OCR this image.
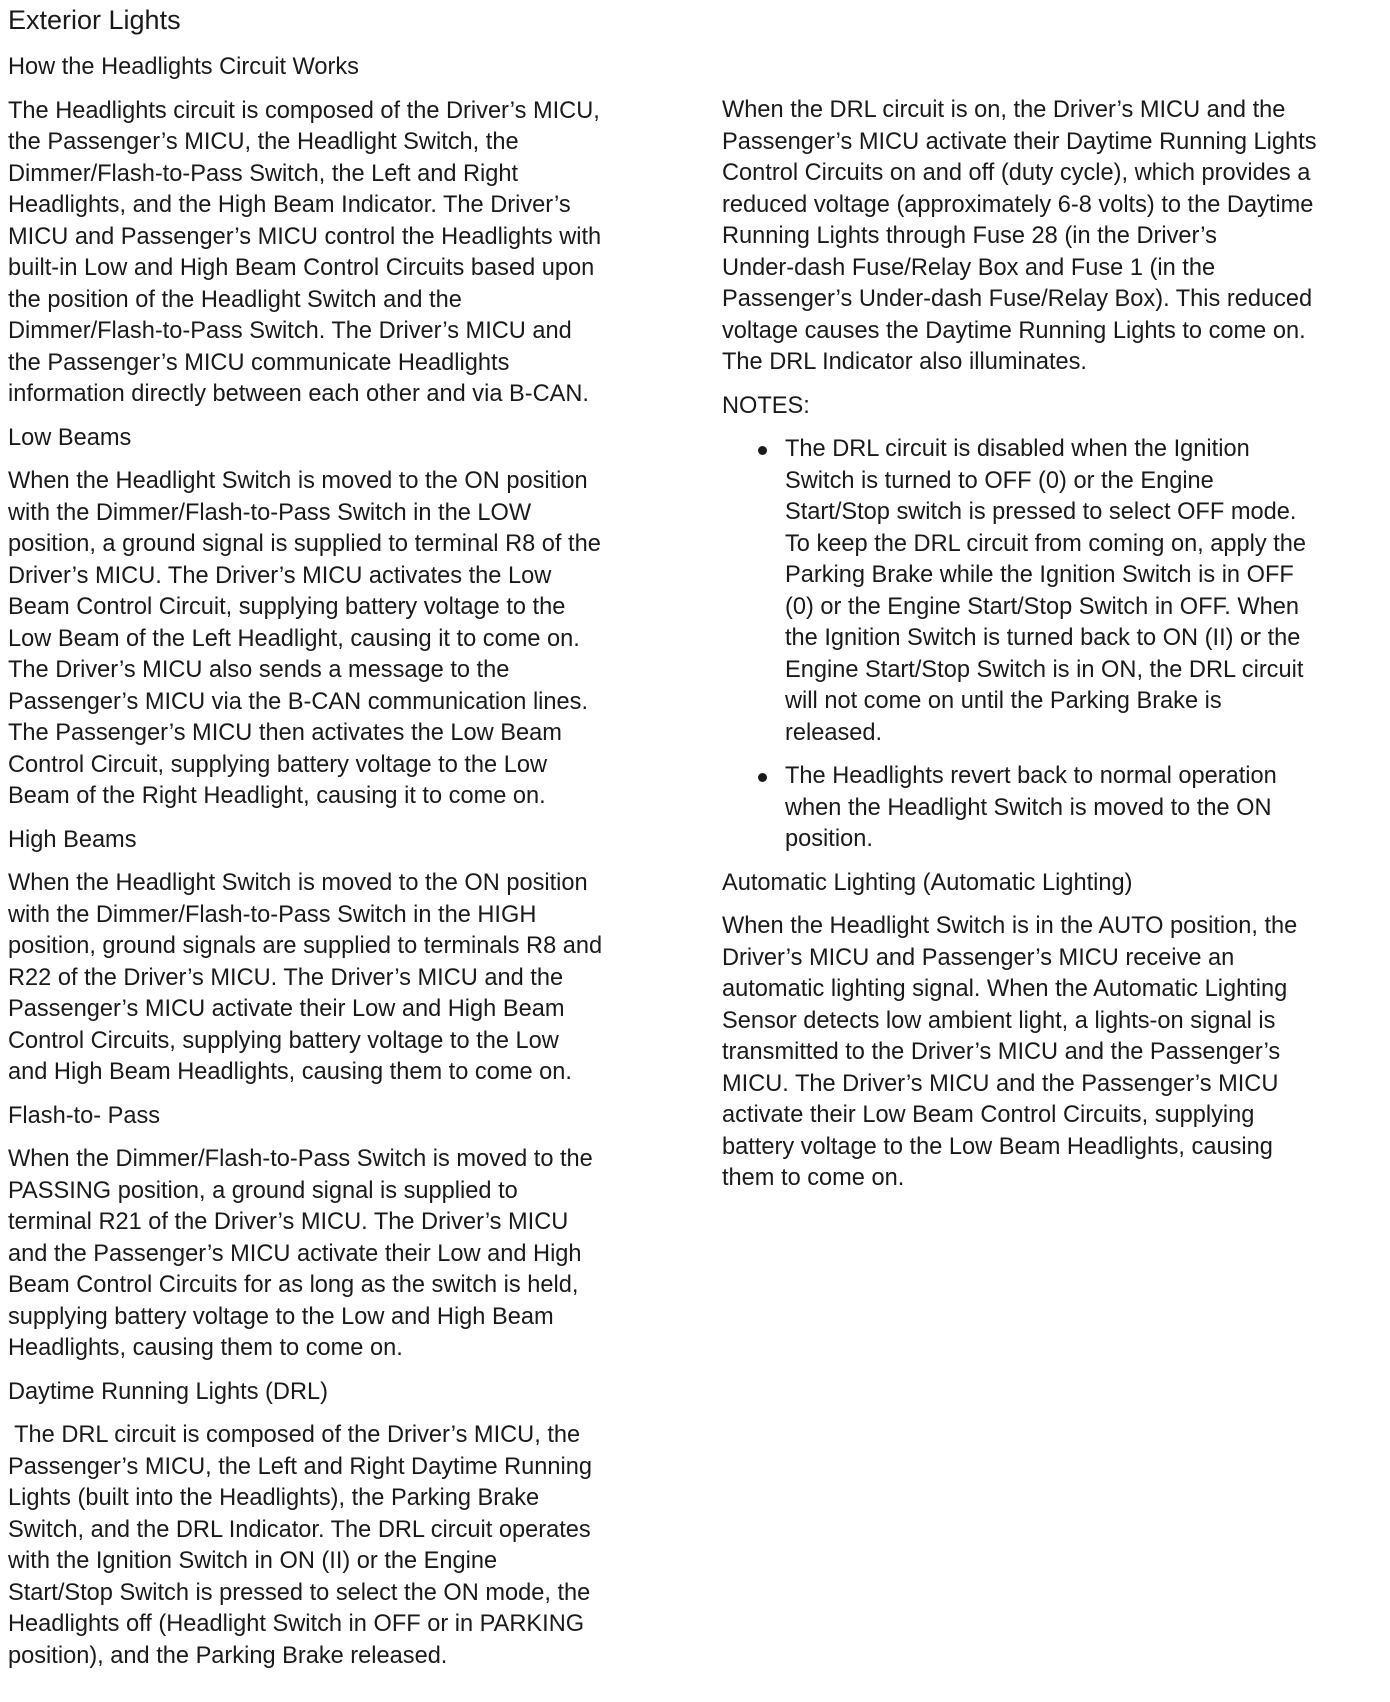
Exterior Lights
How the Headlights Circuit Works
The Headlights circuit is composed of the Driver’s MICU,
the Passenger’s MICU, the Headlight Switch, the
Dimmer/Flash-to-Pass Switch, the Left and Right
Headlights, and the High Beam Indicator. The Driver’s
MICU and Passenger’s MICU control the Headlights with
built-in Low and High Beam Control Circuits based upon
the position of the Headlight Switch and the
Dimmer/Flash-to-Pass Switch. The Driver’s MICU and
the Passenger’s MICU communicate Headlights
information directly between each other and via B-CAN.
Low Beams
When the Headlight Switch is moved to the ON position
with the Dimmer/Flash-to-Pass Switch in the LOW
position, a ground signal is supplied to terminal R8 of the
Driver’s MICU. The Driver’s MICU activates the Low
Beam Control Circuit, supplying battery voltage to the
Low Beam of the Left Headlight, causing it to come on.
The Driver’s MICU also sends a message to the
Passenger’s MICU via the B-CAN communication lines.
The Passenger’s MICU then activates the Low Beam
Control Circuit, supplying battery voltage to the Low
Beam of the Right Headlight, causing it to come on.
High Beams
When the Headlight Switch is moved to the ON position
with the Dimmer/Flash-to-Pass Switch in the HIGH
position, ground signals are supplied to terminals R8 and
R22 of the Driver’s MICU. The Driver’s MICU and the
Passenger’s MICU activate their Low and High Beam
Control Circuits, supplying battery voltage to the Low
and High Beam Headlights, causing them to come on.
Flash-to- Pass
When the Dimmer/Flash-to-Pass Switch is moved to the
PASSING position, a ground signal is supplied to
terminal R21 of the Driver’s MICU. The Driver’s MICU
and the Passenger’s MICU activate their Low and High
Beam Control Circuits for as long as the switch is held,
supplying battery voltage to the Low and High Beam
Headlights, causing them to come on.
Daytime Running Lights (DRL)
The DRL circuit is composed of the Driver’s MICU, the
Passenger’s MICU, the Left and Right Daytime Running
Lights (built into the Headlights), the Parking Brake
Switch, and the DRL Indicator. The DRL circuit operates
with the Ignition Switch in ON (II) or the Engine
Start/Stop Switch is pressed to select the ON mode, the
Headlights off (Headlight Switch in OFF or in PARKING
position), and the Parking Brake released.
When the DRL circuit is on, the Driver’s MICU and the
Passenger’s MICU activate their Daytime Running Lights
Control Circuits on and off (duty cycle), which provides a
reduced voltage (approximately 6-8 volts) to the Daytime
Running Lights through Fuse 28 (in the Driver’s
Under-dash Fuse/Relay Box and Fuse 1 (in the
Passenger’s Under-dash Fuse/Relay Box). This reduced
voltage causes the Daytime Running Lights to come on.
The DRL Indicator also illuminates.
NOTES:
The DRL circuit is disabled when the Ignition
Switch is turned to OFF (0) or the Engine
Start/Stop switch is pressed to select OFF mode.
To keep the DRL circuit from coming on, apply the
Parking Brake while the Ignition Switch is in OFF
(0) or the Engine Start/Stop Switch in OFF. When
the Ignition Switch is turned back to ON (II) or the
Engine Start/Stop Switch is in ON, the DRL circuit
will not come on until the Parking Brake is
released.
The Headlights revert back to normal operation
when the Headlight Switch is moved to the ON
position.
Automatic Lighting (Automatic Lighting)
When the Headlight Switch is in the AUTO position, the
Driver’s MICU and Passenger’s MICU receive an
automatic lighting signal. When the Automatic Lighting
Sensor detects low ambient light, a lights-on signal is
transmitted to the Driver’s MICU and the Passenger’s
MICU. The Driver’s MICU and the Passenger’s MICU
activate their Low Beam Control Circuits, supplying
battery voltage to the Low Beam Headlights, causing
them to come on.
